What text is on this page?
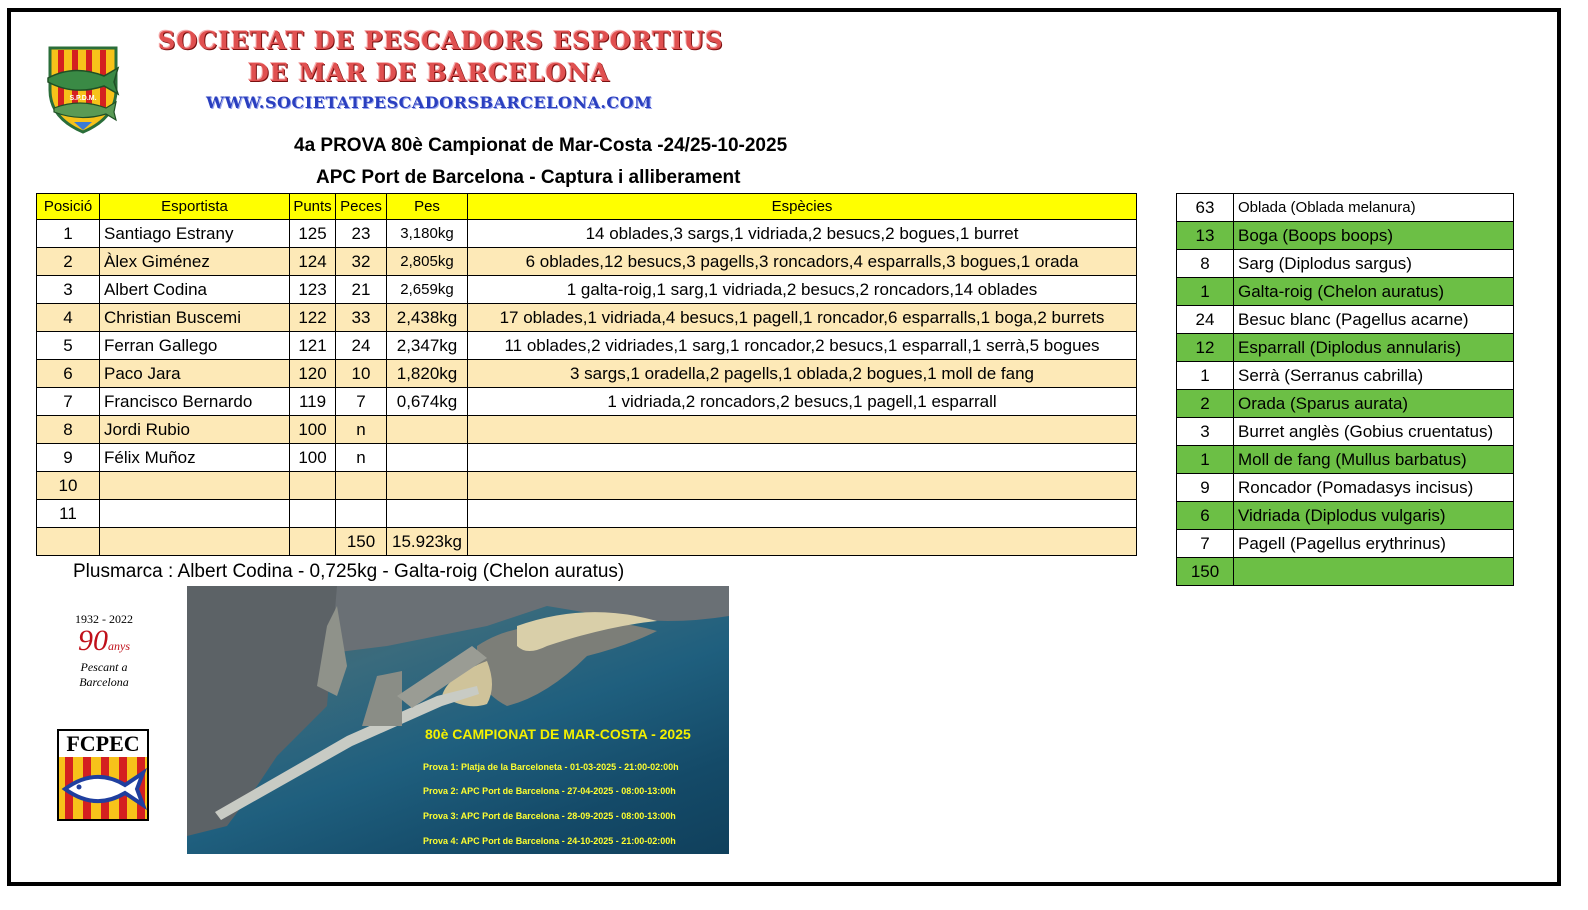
S.P.D.M.
SOCIETAT DE PESCADORS ESPORTIUS
DE MAR DE BARCELONA
WWW.SOCIETATPESCADORSBARCELONA.COM
4a PROVA 80è Campionat de Mar-Costa -24/25-10-2025
APC Port de Barcelona - Captura i alliberament
Posició	Esportista	Punts	Peces	Pes	Espècies
1	Santiago Estrany	125	23	3,180kg	14 oblades,3 sargs,1 vidriada,2 besucs,2 bogues,1 burret
2	Àlex Giménez	124	32	2,805kg	6 oblades,12 besucs,3 pagells,3 roncadors,4 esparralls,3 bogues,1 orada
3	Albert Codina	123	21	2,659kg	1 galta-roig,1 sarg,1 vidriada,2 besucs,2 roncadors,14 oblades
4	Christian Buscemi	122	33	2,438kg	17 oblades,1 vidriada,4 besucs,1 pagell,1 roncador,6 esparralls,1 boga,2 burrets
5	Ferran Gallego	121	24	2,347kg	11 oblades,2 vidriades,1 sarg,1 roncador,2 besucs,1 esparrall,1 serrà,5 bogues
6	Paco Jara	120	10	1,820kg	3 sargs,1 oradella,2 pagells,1 oblada,2 bogues,1 moll de fang
7	Francisco Bernardo	119	7	0,674kg	1 vidriada,2 roncadors,2 besucs,1 pagell,1 esparrall
8	Jordi Rubio	100	n		
9	Félix Muñoz	100	n		
10					
11					
			150	15.923kg	
63	Oblada (Oblada melanura)
13	Boga (Boops boops)
8	Sarg (Diplodus sargus)
1	Galta-roig (Chelon auratus)
24	Besuc blanc (Pagellus acarne)
12	Esparrall (Diplodus annularis)
1	Serrà (Serranus cabrilla)
2	Orada (Sparus aurata)
3	Burret anglès (Gobius cruentatus)
1	Moll de fang (Mullus barbatus)
9	Roncador (Pomadasys incisus)
6	Vidriada (Diplodus vulgaris)
7	Pagell (Pagellus erythrinus)
150	
Plusmarca : Albert Codina - 0,725kg - Galta-roig (Chelon auratus)
1932 - 2022
90anys
Pescant a Barcelona
FCPEC	80è CAMPIONAT DE MAR-COSTA - 2025
Prova 1: Platja de la Barceloneta - 01-03-2025 - 21:00-02:00h
Prova 2: APC Port de Barcelona - 27-04-2025 - 08:00-13:00h
Prova 3: APC Port de Barcelona - 28-09-2025 - 08:00-13:00h
Prova 4: APC Port de Barcelona - 24-10-2025 - 21:00-02:00h
